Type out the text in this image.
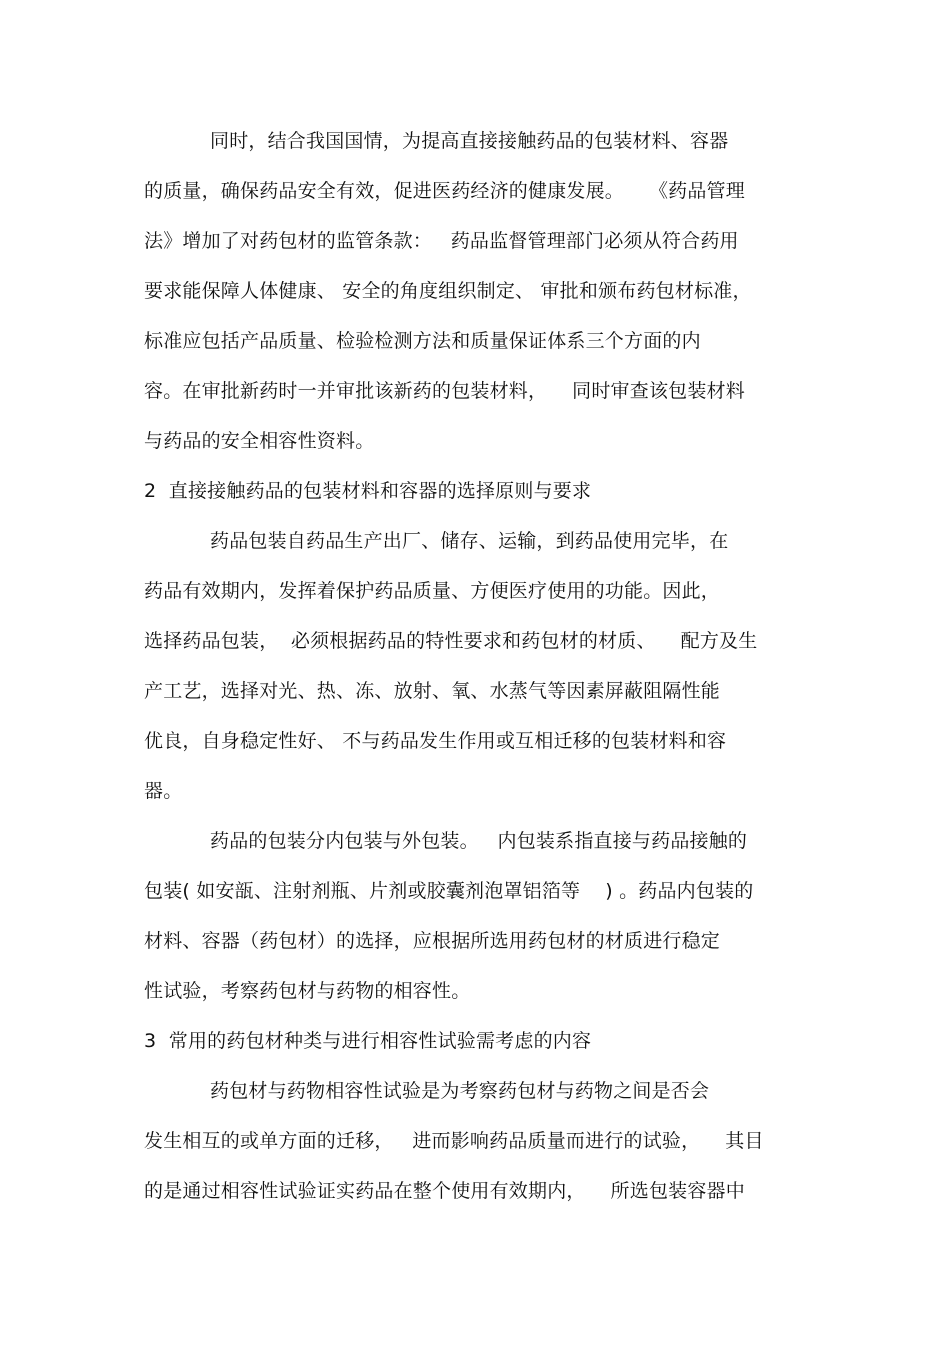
同时，结合我国国情，为提高直接接触药品的包装材料、容器
的质量，确保药品安全有效，促进医药经济的健康发展。    《药品管理
法》增加了对药包材的监管条款：   药品监督管理部门必须从符合药用
要求能保障人体健康、 安全的角度组织制定、 审批和颁布药包材标准，
标准应包括产品质量、检验检测方法和质量保证体系三个方面的内
容。在审批新药时一并审批该新药的包装材料，    同时审查该包装材料
与药品的安全相容性资料。
2  直接接触药品的包装材料和容器的选择原则与要求
药品包装自药品生产出厂、储存、运输，到药品使用完毕，在
药品有效期内，发挥着保护药品质量、方便医疗使用的功能。因此，
选择药品包装，  必须根据药品的特性要求和药包材的材质、    配方及生
产工艺，选择对光、热、冻、放射、氧、水蒸气等因素屏蔽阻隔性能
优良，自身稳定性好、 不与药品发生作用或互相迁移的包装材料和容
器。
药品的包装分内包装与外包装。   内包装系指直接与药品接触的
包装( 如安瓿、注射剂瓶、片剂或胶囊剂泡罩铝箔等    ) 。药品内包装的
材料、容器（药包材）的选择，应根据所选用药包材的材质进行稳定
性试验，考察药包材与药物的相容性。
3  常用的药包材种类与进行相容性试验需考虑的内容
药包材与药物相容性试验是为考察药包材与药物之间是否会
发生相互的或单方面的迁移，   进而影响药品质量而进行的试验，    其目
的是通过相容性试验证实药品在整个使用有效期内，    所选包装容器中
